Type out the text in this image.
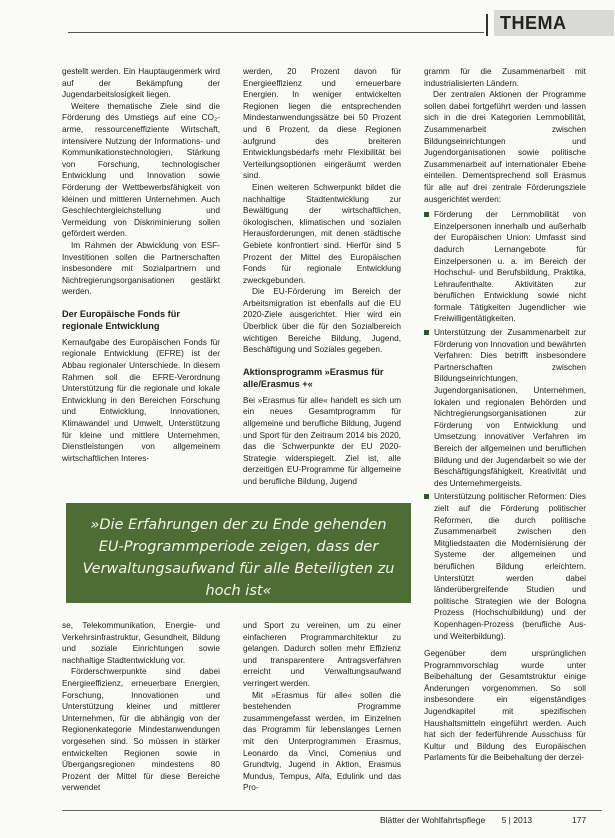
THEMA

gestellt werden. Ein Hauptaugenmerk wird auf der Bekämpfung der Jugendarbeitslosigkeit liegen.

Weitere thematische Ziele sind die Förderung des Umstiegs auf eine CO₂-arme, ressourceneffiziente Wirtschaft, intensivere Nutzung der Informations- und Kommunikationstechnologien, Stärkung von Forschung, technologischer Entwicklung und Innovation sowie Förderung der Wettbewerbsfähigkeit von kleinen und mittleren Unternehmen. Auch Geschlechtergleichstellung und Vermeidung von Diskriminierung sollen gefördert werden.

Im Rahmen der Abwicklung von ESF-Investitionen sollen die Partnerschaften insbesondere mit Sozialpartnern und Nichtregierungsorganisationen gestärkt werden.

Der Europäische Fonds für regionale Entwicklung

Kernaufgabe des Europäischen Fonds für regionale Entwicklung (EFRE) ist der Abbau regionaler Unterschiede. In diesem Rahmen soll die EFRE-Verordnung Unterstützung für die regionale und lokale Entwicklung in den Bereichen Forschung und Entwicklung, Innovationen, Klimawandel und Umwelt, Unterstützung für kleine und mittlere Unternehmen, Dienstleistungen von allgemeinem wirtschaftlichen Interes-

werden, 20 Prozent davon für Energieeffizienz und erneuerbare Energien. In weniger entwickelten Regionen liegen die entsprechenden Mindestanwendungssätze bei 50 Prozent und 6 Prozent, da diese Regionen aufgrund des breiteren Entwicklungsbedarfs mehr Flexibilität bei Verteilungsoptionen eingeräumt werden sind.

Einen weiteren Schwerpunkt bildet die nachhaltige Stadtentwicklung zur Bewältigung der wirtschaftlichen, ökologischen, klimatischen und sozialen Herausforderungen, mit denen städtische Gebiete konfrontiert sind. Hierfür sind 5 Prozent der Mittel des Europäischen Fonds für regionale Entwicklung zweckgebunden.

Die EU-Förderung im Bereich der Arbeitsmigration ist ebenfalls auf die EU 2020-Ziele ausgerichtet. Hier wird ein Überblick über die für den Sozialbereich wichtigen Bereiche Bildung, Jugend, Beschäftigung und Soziales gegeben.

Aktionsprogramm »Erasmus für alle/Erasmus +«

Bei »Erasmus für alle« handelt es sich um ein neues Gesamtprogramm für allgemeine und berufliche Bildung, Jugend und Sport für den Zeitraum 2014 bis 2020, das die Schwerpunkte der EU 2020-Strategie widerspiegelt. Ziel ist, alle derzeitigen EU-Programme für allgemeine und berufliche Bildung, Jugend

gramm für die Zusammenarbeit mit industrialisierten Ländern.

Der zentralen Aktionen der Programme sollen dabei fortgeführt werden und lassen sich in die drei Kategorien Lernmobilität, Zusammenarbeit zwischen Bildungseinrichtungen und Jugendorganisationen sowie politische Zusammenarbeit auf internationaler Ebene einteilen. Dementsprechend soll Erasmus für alle auf drei zentrale Förderungsziele ausgerichtet werden:

Förderung der Lernmobilität von Einzelpersonen innerhalb und außerhalb der Europäischen Union: Umfasst sind dadurch Lernangebote für Einzelpersonen u. a. im Bereich der Hochschul- und Berufsbildung, Praktika, Lehraufenthalte. Aktivitäten zur beruflichen Entwicklung sowie nicht formale Tätigkeiten Jugendlicher wie Freiwilligentätigkeiten.
Unterstützung der Zusammenarbeit zur Förderung von Innovation und bewährten Verfahren: Dies betrifft insbesondere Partnerschaften zwischen Bildungseinrichtungen, Jugendorganisationen, Unternehmen, lokalen und regionalen Behörden und Nichtregierungsorganisationen zur Förderung von Entwicklung und Umsetzung innovativer Verfahren im Bereich der allgemeinen und beruflichen Bildung und der Jugendarbeit so wie der Beschäftigungsfähigkeit, Kreativität und des Unternehmergeists.
Unterstützung politischer Reformen: Dies zielt auf die Förderung politischer Reformen, die durch politische Zusammenarbeit zwischen den Mitgliedstaaten die Modernisierung der Systeme der allgemeinen und beruflichen Bildung erleichtern. Unterstützt werden dabei länderübergreifende Studien und politische Strategien wie der Bologna Prozess (Hochschulbildung) und der Kopenhagen-Prozess (berufliche Aus- und Weiterbildung).

Gegenüber dem ursprünglichen Programmvorschlag wurde unter Beibehaltung der Gesamtstruktur einige Änderungen vorgenommen. So soll insbesondere ein eigenständiges Jugendkapitel mit spezifischen Haushaltsmitteln eingeführt werden. Auch hat sich der federführende Ausschuss für Kultur und Bildung des Europäischen Parlaments für die Beibehaltung der derzei-

»Die Erfahrungen der zu Ende gehenden EU-Programmperiode zeigen, dass der Verwaltungsaufwand für alle Beteiligten zu hoch ist«

se, Telekommunikation, Energie- und Verkehrsinfrastruktur, Gesundheit, Bildung und soziale Einrichtungen sowie nachhaltige Stadtentwicklung vor.

Förderschwerpunkte sind dabei Energieeffizienz, erneuerbare Energien, Forschung, Innovationen und Unterstützung kleiner und mittlerer Unternehmen, für die abhängig von der Regionenkategorie Mindestanwendungen vorgesehen sind. So müssen in stärker entwickelten Regionen sowie in Übergangsregionen mindestens 80 Prozent der Mittel für diese Bereiche verwendet

und Sport zu vereinen, um zu einer einfacheren Programmarchitektur zu gelangen. Dadurch sollen mehr Effizienz und transparentere Antragsverfahren erreicht und Verwaltungsaufwand verringert werden.

Mit »Erasmus für alle« sollen die bestehenden Programme zusammengefasst werden, im Einzelnen das Programm für lebenslanges Lernen mit den Unterprogrammen Erasmus, Leonardo da Vinci, Comenius und Grundtvig, Jugend in Aktion, Erasmus Mundus, Tempus, Alfa, Edulink und das Pro-

Blätter der Wohlfahrtspflege 5 | 2013	177
